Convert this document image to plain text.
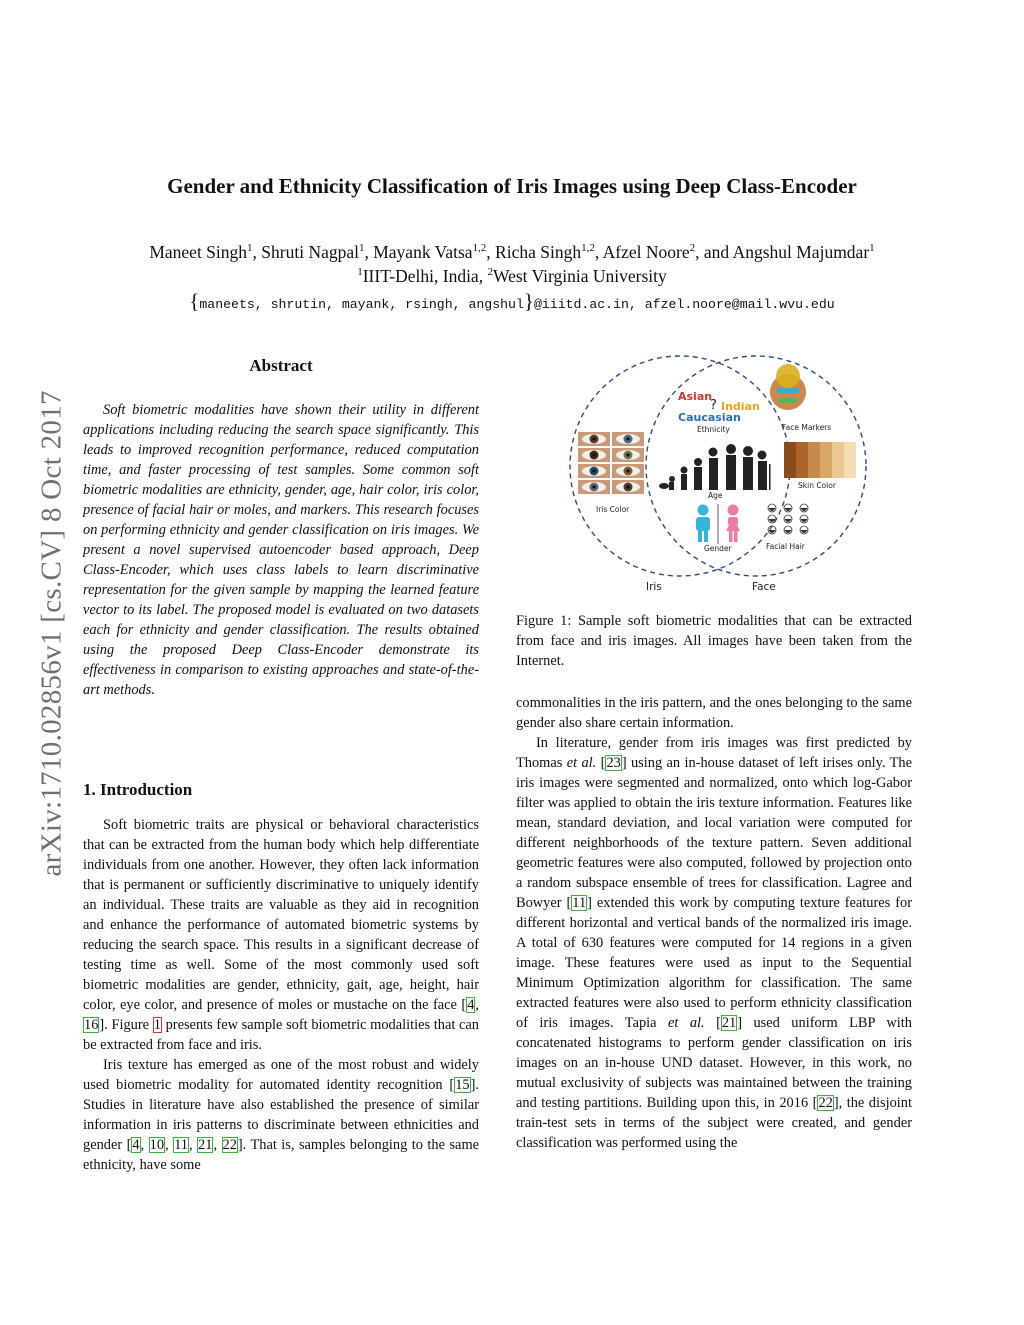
Gender and Ethnicity Classification of Iris Images using Deep Class-Encoder
Maneet Singh$^1$, Shruti Nagpal$^1$, Mayank Vatsa$^{1,2}$, Richa Singh$^{1,2}$, Afzel Noore$^2$, and Angshul Majumdar$^1$
$^1$IIIT-Delhi, India, $^2$West Virginia University
{maneets, shrutin, mayank, rsingh, angshul}@iiitd.ac.in, afzel.noore@mail.wvu.edu
arXiv:1710.02856v1 [cs.CV] 8 Oct 2017
Abstract

Soft biometric modalities have shown their utility in different applications including reducing the search space significantly. This leads to improved recognition performance, reduced computation time, and faster processing of test samples. Some common soft biometric modalities are ethnicity, gender, age, hair color, iris color, presence of facial hair or moles, and markers. This research focuses on performing ethnicity and gender classification on iris images. We present a novel supervised autoencoder based approach, Deep Class-Encoder, which uses class labels to learn discriminative representation for the given sample by mapping the learned feature vector to its label. The proposed model is evaluated on two datasets each for ethnicity and gender classification. The results obtained using the proposed Deep Class-Encoder demonstrate its effectiveness in comparison to existing approaches and state-of-the-art methods.

1. Introduction

Soft biometric traits are physical or behavioral characteristics that can be extracted from the human body which help differentiate individuals from one another. However, they often lack information that is permanent or sufficiently discriminative to uniquely identify an individual. These traits are valuable as they aid in recognition and enhance the performance of automated biometric systems by reducing the search space. This results in a significant decrease of testing time as well. Some of the most commonly used soft biometric modalities are gender, ethnicity, gait, age, height, hair color, eye color, and presence of moles or mustache on the face [4, 16]. Figure 1 presents few sample soft biometric modalities that can be extracted from face and iris.

Iris texture has emerged as one of the most robust and widely used biometric modality for automated identity recognition [15]. Studies in literature have also established the presence of similar information in iris patterns to discriminate between ethnicities and gender [4, 10, 11, 21, 22]. That is, samples belonging to the same ethnicity, have some

Asian
? Indian
Caucasian
Ethnicity	Face Markers
Skin Color
Age
Gender	Facial Hair
Iris Color
Iris	Face

Figure 1: Sample soft biometric modalities that can be extracted from face and iris images. All images have been taken from the Internet.

commonalities in the iris pattern, and the ones belonging to the same gender also share certain information.

In literature, gender from iris images was first predicted by Thomas et al. [23] using an in-house dataset of left irises only. The iris images were segmented and normalized, onto which log-Gabor filter was applied to obtain the iris texture information. Features like mean, standard deviation, and local variation were computed for different neighborhoods of the texture pattern. Seven additional geometric features were also computed, followed by projection onto a random subspace ensemble of trees for classification. Lagree and Bowyer [11] extended this work by computing texture features for different horizontal and vertical bands of the normalized iris image. A total of 630 features were computed for 14 regions in a given image. These features were used as input to the Sequential Minimum Optimization algorithm for classification. The same extracted features were also used to perform ethnicity classification of iris images. Tapia et al. [21] used uniform LBP with concatenated histograms to perform gender classification on iris images on an in-house UND dataset. However, in this work, no mutual exclusivity of subjects was maintained between the training and testing partitions. Building upon this, in 2016 [22], the disjoint train-test sets in terms of the subject were created, and gender classification was performed using the
